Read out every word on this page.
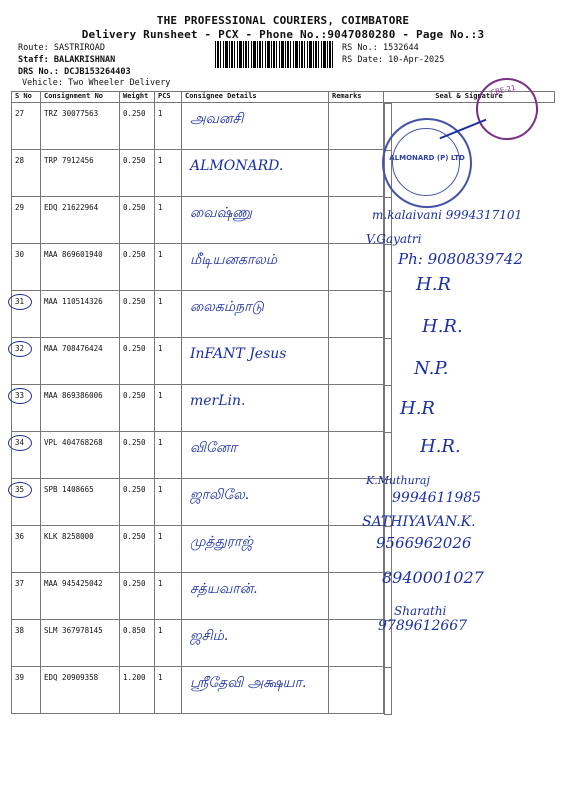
THE PROFESSIONAL COURIERS, COIMBATORE
Delivery Runsheet - PCX - Phone No.:9047080280 - Page No.:3
Route: SASTRIROAD
Staff: BALAKRISHNAN
DRS No.: DCJB153264403
Vehicle: Two Wheeler Delivery
RS No.: 1532644
RS Date: 10-Apr-2025
S No	Consignment No	Weight	PCS	Consignee Details	Remarks	Seal & Signature
27	TRZ 30077563	0.250	1	அவனசி		

28	TRP 7912456	0.250	1	ALMONARD.		

29	EDQ 21622964	0.250	1	வைஷ்ணு		

30	MAA 869601940	0.250	1	மீடியனகாலம்		

31	MAA 110514326	0.250	1	லைகம்நாடு		

32	MAA 708476424	0.250	1	InFANT Jesus		

33	MAA 869386006	0.250	1	merLin.		

34	VPL 404768268	0.250	1	வினோ		

35	SPB 1408665	0.250	1	ஜாலிலே.		

36	KLK 8258000	0.250	1	முத்துராஜ்		

37	MAA 945425042	0.250	1	சத்யவான்.		

38	SLM 367978145	0.850	1	ஜசிம்.		

39	EDQ 20909358	1.200	1	ஸ்ரீதேவி அக்ஷயா.		

m.kalaivani 9994317101
V.Gayatri
Ph: 9080839742
H.R
H.R.
N.P.
H.R
H.R.
K.Muthuraj
9994611985
SATHIYAVAN.K.
9566962026
8940001027
Sharathi
9789612667
ALMONARD (P) LTD
CBE-21
